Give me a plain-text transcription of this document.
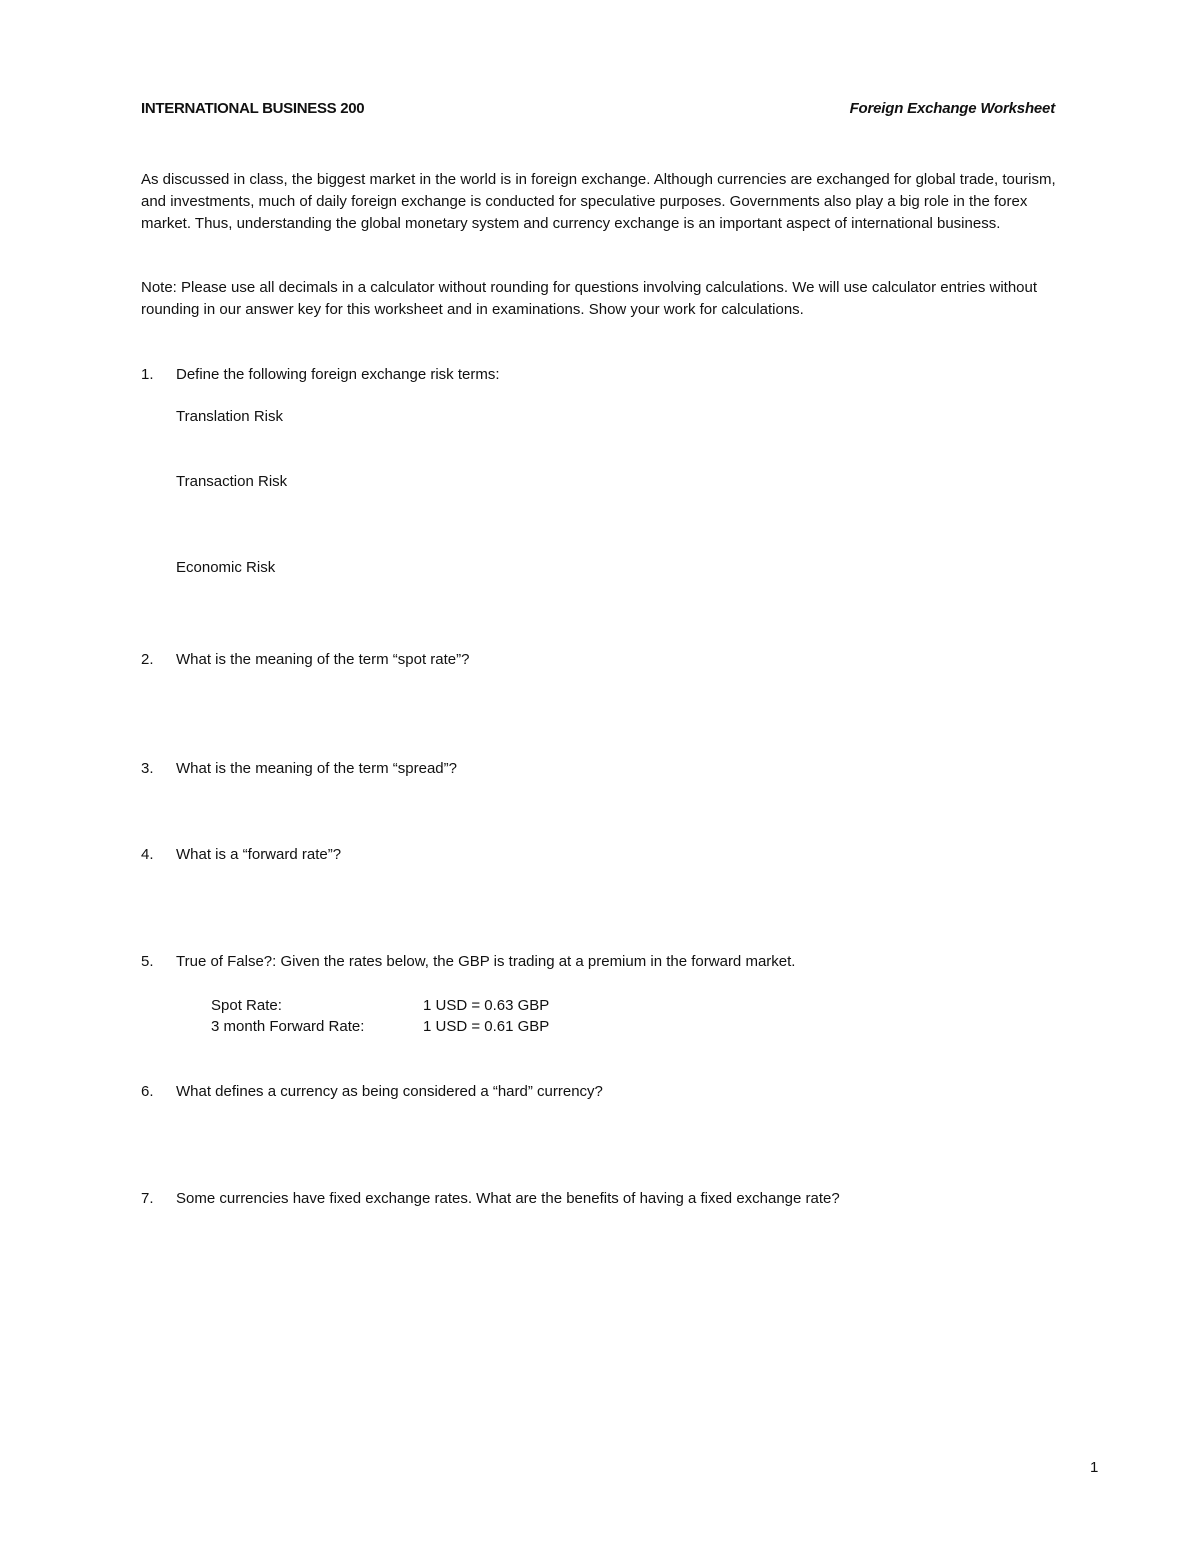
INTERNATIONAL BUSINESS 200	Foreign Exchange Worksheet

As discussed in class, the biggest market in the world is in foreign exchange. Although currencies are exchanged for global trade, tourism, and investments, much of daily foreign exchange is conducted for speculative purposes. Governments also play a big role in the forex market. Thus, understanding the global monetary system and currency exchange is an important aspect of international business.

Note: Please use all decimals in a calculator without rounding for questions involving calculations. We will use calculator entries without rounding in our answer key for this worksheet and in examinations. Show your work for calculations.

1. Define the following foreign exchange risk terms:
Translation Risk
Transaction Risk
Economic Risk
2. What is the meaning of the term “spot rate”?
3. What is the meaning of the term “spread”?
4. What is a “forward rate”?
5. True of False?: Given the rates below, the GBP is trading at a premium in the forward market.
Spot Rate:	1 USD = 0.63 GBP
3 month Forward Rate:	1 USD = 0.61 GBP
6. What defines a currency as being considered a “hard” currency?
7. Some currencies have fixed exchange rates. What are the benefits of having a fixed exchange rate?
1
